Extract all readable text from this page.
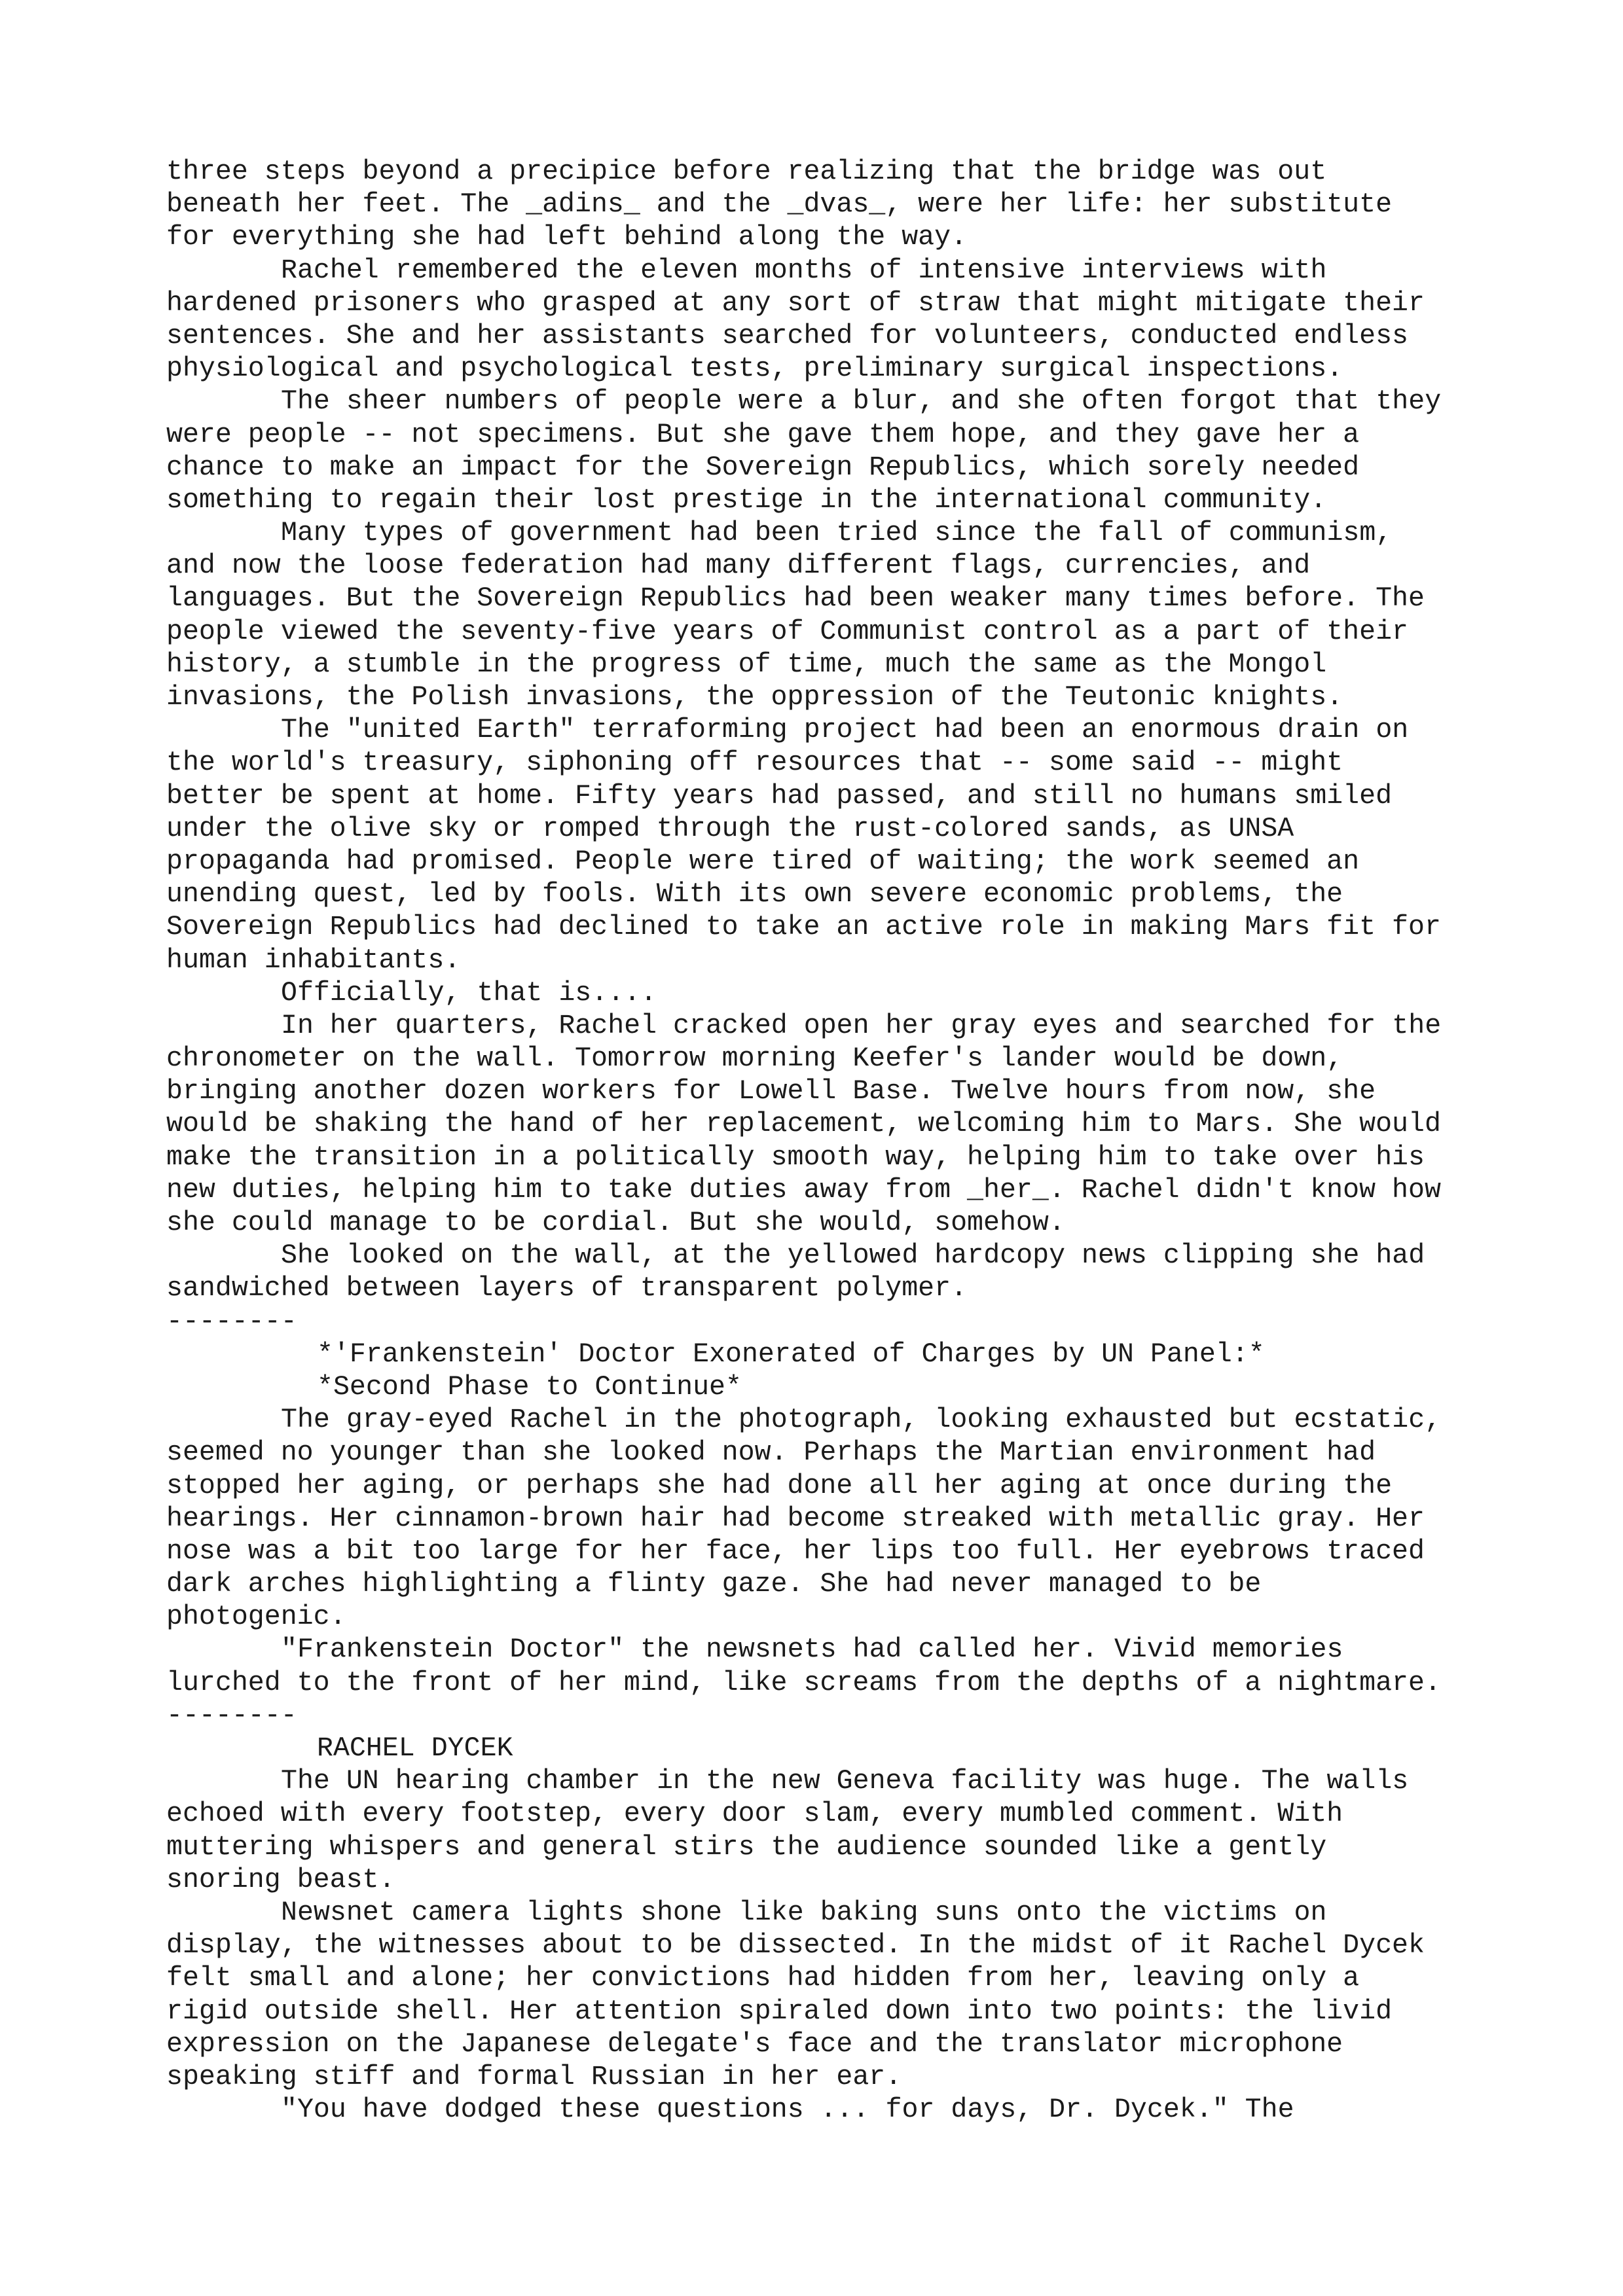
three steps beyond a precipice before realizing that the bridge was out
beneath her feet. The _adins_ and the _dvas_, were her life: her substitute
for everything she had left behind along the way.
Rachel remembered the eleven months of intensive interviews with
hardened prisoners who grasped at any sort of straw that might mitigate their
sentences. She and her assistants searched for volunteers, conducted endless
physiological and psychological tests, preliminary surgical inspections.
The sheer numbers of people were a blur, and she often forgot that they
were people -- not specimens. But she gave them hope, and they gave her a
chance to make an impact for the Sovereign Republics, which sorely needed
something to regain their lost prestige in the international community.
Many types of government had been tried since the fall of communism,
and now the loose federation had many different flags, currencies, and
languages. But the Sovereign Republics had been weaker many times before. The
people viewed the seventy-five years of Communist control as a part of their
history, a stumble in the progress of time, much the same as the Mongol
invasions, the Polish invasions, the oppression of the Teutonic knights.
The "united Earth" terraforming project had been an enormous drain on
the world's treasury, siphoning off resources that -- some said -- might
better be spent at home. Fifty years had passed, and still no humans smiled
under the olive sky or romped through the rust-colored sands, as UNSA
propaganda had promised. People were tired of waiting; the work seemed an
unending quest, led by fools. With its own severe economic problems, the
Sovereign Republics had declined to take an active role in making Mars fit for
human inhabitants.
Officially, that is....
In her quarters, Rachel cracked open her gray eyes and searched for the
chronometer on the wall. Tomorrow morning Keefer's lander would be down,
bringing another dozen workers for Lowell Base. Twelve hours from now, she
would be shaking the hand of her replacement, welcoming him to Mars. She would
make the transition in a politically smooth way, helping him to take over his
new duties, helping him to take duties away from _her_. Rachel didn't know how
she could manage to be cordial. But she would, somehow.
She looked on the wall, at the yellowed hardcopy news clipping she had
sandwiched between layers of transparent polymer.
--------
*'Frankenstein' Doctor Exonerated of Charges by UN Panel:*
*Second Phase to Continue*
The gray-eyed Rachel in the photograph, looking exhausted but ecstatic,
seemed no younger than she looked now. Perhaps the Martian environment had
stopped her aging, or perhaps she had done all her aging at once during the
hearings. Her cinnamon-brown hair had become streaked with metallic gray. Her
nose was a bit too large for her face, her lips too full. Her eyebrows traced
dark arches highlighting a flinty gaze. She had never managed to be
photogenic.
"Frankenstein Doctor" the newsnets had called her. Vivid memories
lurched to the front of her mind, like screams from the depths of a nightmare.
--------
RACHEL DYCEK
The UN hearing chamber in the new Geneva facility was huge. The walls
echoed with every footstep, every door slam, every mumbled comment. With
muttering whispers and general stirs the audience sounded like a gently
snoring beast.
Newsnet camera lights shone like baking suns onto the victims on
display, the witnesses about to be dissected. In the midst of it Rachel Dycek
felt small and alone; her convictions had hidden from her, leaving only a
rigid outside shell. Her attention spiraled down into two points: the livid
expression on the Japanese delegate's face and the translator microphone
speaking stiff and formal Russian in her ear.
"You have dodged these questions ... for days, Dr. Dycek." The
